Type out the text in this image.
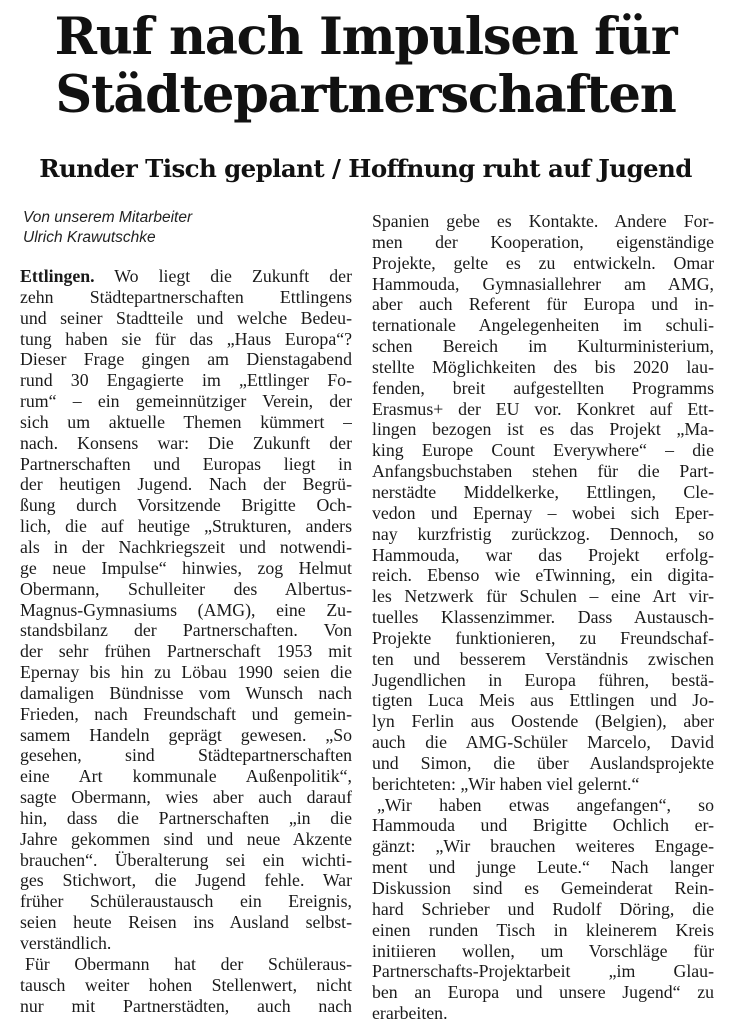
Ruf nach Impulsen für
Städtepartnerschaften
Runder Tisch geplant / Hoffnung ruht auf Jugend
Von unserem Mitarbeiter
Ulrich Krawutschke
Ettlingen. Wo liegt die Zukunft der
zehn Städtepartnerschaften Ettlingens
und seiner Stadtteile und welche Bedeu-
tung haben sie für das „Haus Europa“?
Dieser Frage gingen am Dienstagabend
rund 30 Engagierte im „Ettlinger Fo-
rum“ – ein gemeinnütziger Verein, der
sich um aktuelle Themen kümmert –
nach. Konsens war: Die Zukunft der
Partnerschaften und Europas liegt in
der heutigen Jugend. Nach der Begrü-
ßung durch Vorsitzende Brigitte Och-
lich, die auf heutige „Strukturen, anders
als in der Nachkriegszeit und notwendi-
ge neue Impulse“ hinwies, zog Helmut
Obermann, Schulleiter des Albertus-
Magnus-Gymnasiums (AMG), eine Zu-
standsbilanz der Partnerschaften. Von
der sehr frühen Partnerschaft 1953 mit
Epernay bis hin zu Löbau 1990 seien die
damaligen Bündnisse vom Wunsch nach
Frieden, nach Freundschaft und gemein-
samem Handeln geprägt gewesen. „So
gesehen, sind Städtepartnerschaften
eine Art kommunale Außenpolitik“,
sagte Obermann, wies aber auch darauf
hin, dass die Partnerschaften „in die
Jahre gekommen sind und neue Akzente
brauchen“. Überalterung sei ein wichti-
ges Stichwort, die Jugend fehle. War
früher Schüleraustausch ein Ereignis,
seien heute Reisen ins Ausland selbst-
verständlich.
Für Obermann hat der Schüleraus-
tausch weiter hohen Stellenwert, nicht
nur mit Partnerstädten, auch nach
Spanien gebe es Kontakte. Andere For-
men der Kooperation, eigenständige
Projekte, gelte es zu entwickeln. Omar
Hammouda, Gymnasiallehrer am AMG,
aber auch Referent für Europa und in-
ternationale Angelegenheiten im schuli-
schen Bereich im Kulturministerium,
stellte Möglichkeiten des bis 2020 lau-
fenden, breit aufgestellten Programms
Erasmus+ der EU vor. Konkret auf Ett-
lingen bezogen ist es das Projekt „Ma-
king Europe Count Everywhere“ – die
Anfangsbuchstaben stehen für die Part-
nerstädte Middelkerke, Ettlingen, Cle-
vedon und Epernay – wobei sich Eper-
nay kurzfristig zurückzog. Dennoch, so
Hammouda, war das Projekt erfolg-
reich. Ebenso wie eTwinning, ein digita-
les Netzwerk für Schulen – eine Art vir-
tuelles Klassenzimmer. Dass Austausch-
Projekte funktionieren, zu Freundschaf-
ten und besserem Verständnis zwischen
Jugendlichen in Europa führen, bestä-
tigten Luca Meis aus Ettlingen und Jo-
lyn Ferlin aus Oostende (Belgien), aber
auch die AMG-Schüler Marcelo, David
und Simon, die über Auslandsprojekte
berichteten: „Wir haben viel gelernt.“
„Wir haben etwas angefangen“, so
Hammouda und Brigitte Ochlich er-
gänzt: „Wir brauchen weiteres Engage-
ment und junge Leute.“ Nach langer
Diskussion sind es Gemeinderat Rein-
hard Schrieber und Rudolf Döring, die
einen runden Tisch in kleinerem Kreis
initiieren wollen, um Vorschläge für
Partnerschafts-Projektarbeit „im Glau-
ben an Europa und unsere Jugend“ zu
erarbeiten.
